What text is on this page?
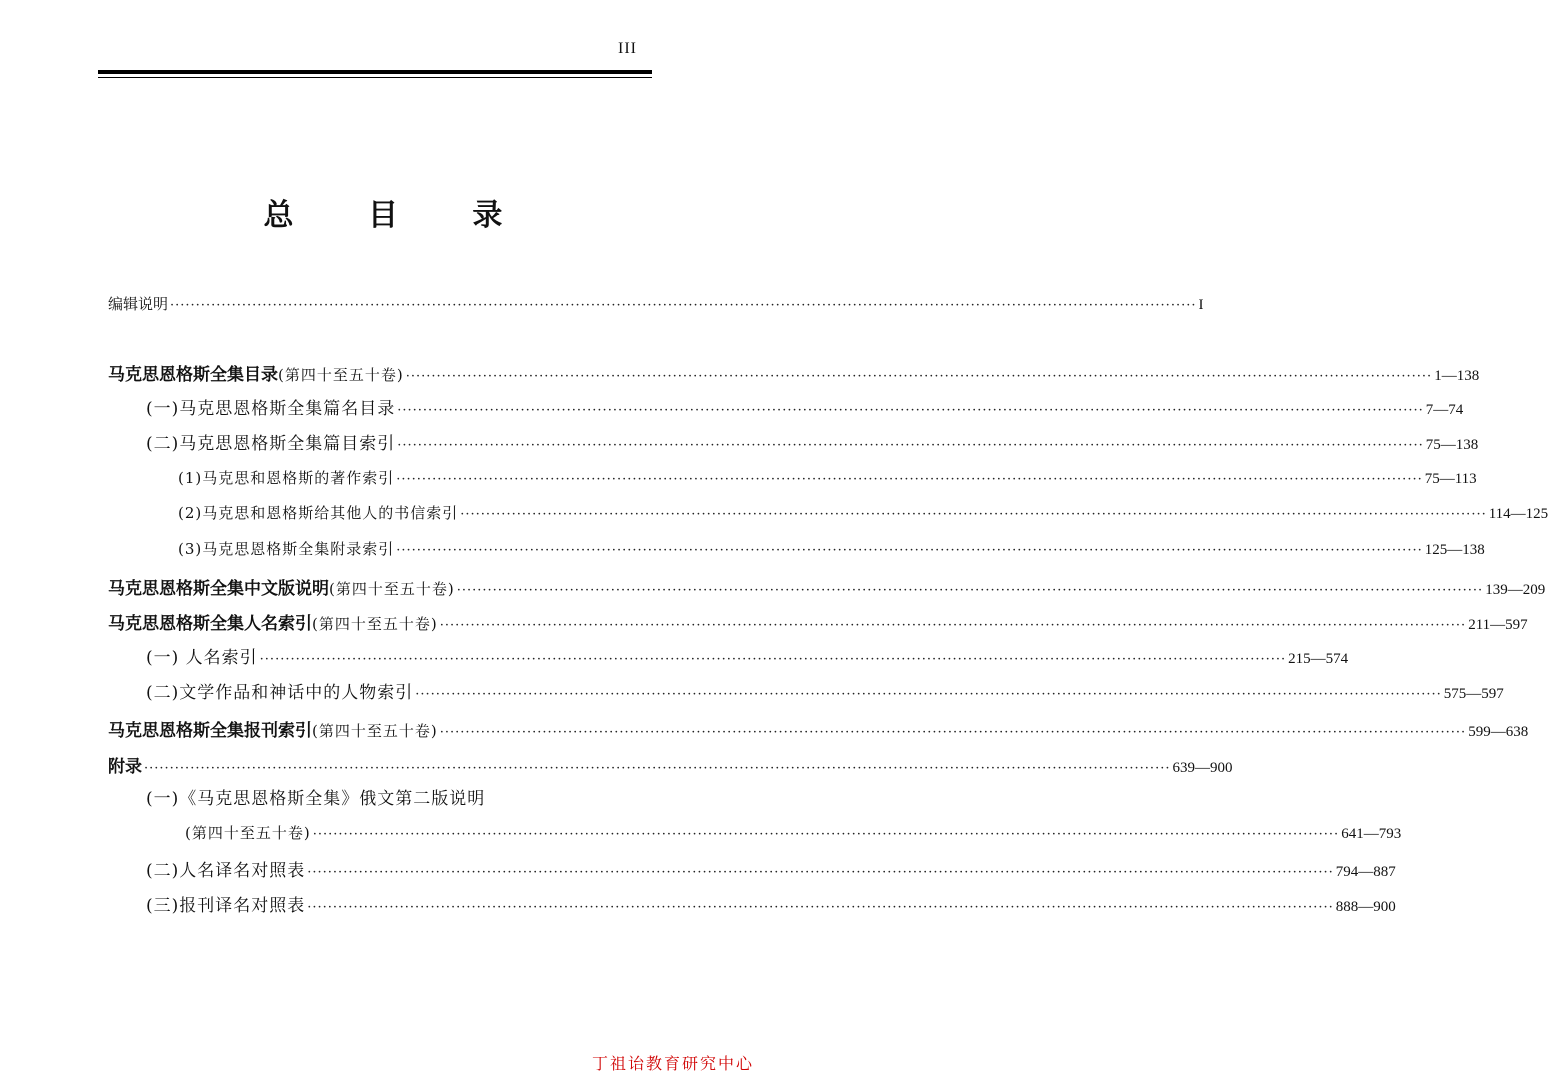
III
总 目 录
编辑说明 ········································································································································································································ I
马克思恩格斯全集目录 (第四十至五十卷) ········································································································································································································ 1—138
(一)马克思恩格斯全集篇名目录 ········································································································································································································ 7—74
(二)马克思恩格斯全集篇目索引 ········································································································································································································ 75—138
(1)马克思和恩格斯的著作索引 ········································································································································································································ 75—113
(2)马克思和恩格斯给其他人的书信索引 ········································································································································································································ 114—125
(3)马克思恩格斯全集附录索引 ········································································································································································································ 125—138
马克思恩格斯全集中文版说明 (第四十至五十卷) ········································································································································································································ 139—209
马克思恩格斯全集人名索引 (第四十至五十卷) ········································································································································································································ 211—597
(一) 人名索引 ········································································································································································································ 215—574
(二)文学作品和神话中的人物索引 ········································································································································································································ 575—597
马克思恩格斯全集报刊索引 (第四十至五十卷) ········································································································································································································ 599—638
附录 ········································································································································································································ 639—900
(一)《马克思恩格斯全集》俄文第二版说明
(第四十至五十卷) ········································································································································································································ 641—793
(二)人名译名对照表 ········································································································································································································ 794—887
(三)报刊译名对照表 ········································································································································································································ 888—900
丁祖诒教育研究中心
